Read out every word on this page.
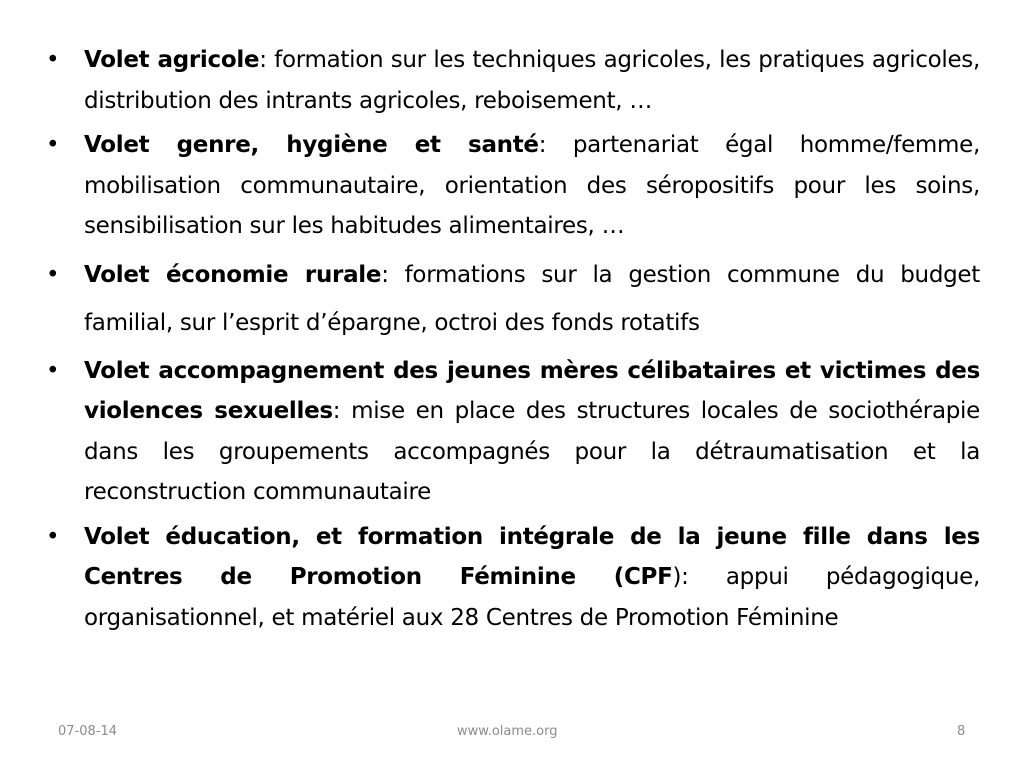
• Volet agricole: formation sur les techniques agricoles, les pratiques agricoles, distribution des intrants agricoles, reboisement, …
• Volet genre, hygiène et santé: partenariat égal homme/femme, mobilisation communautaire, orientation des séropositifs pour les soins, sensibilisation sur les habitudes alimentaires, …
• Volet économie rurale: formations sur la gestion commune du budget familial, sur l’esprit d’épargne, octroi des fonds rotatifs
• Volet accompagnement des jeunes mères célibataires et victimes des violences sexuelles: mise en place des structures locales de sociothérapie dans les groupements accompagnés pour la détraumatisation et la reconstruction communautaire
• Volet éducation, et formation intégrale de la jeune fille dans les Centres de Promotion Féminine (CPF): appui pédagogique, organisationnel, et matériel aux 28 Centres de Promotion Féminine
07-08-14	www.olame.org	8
